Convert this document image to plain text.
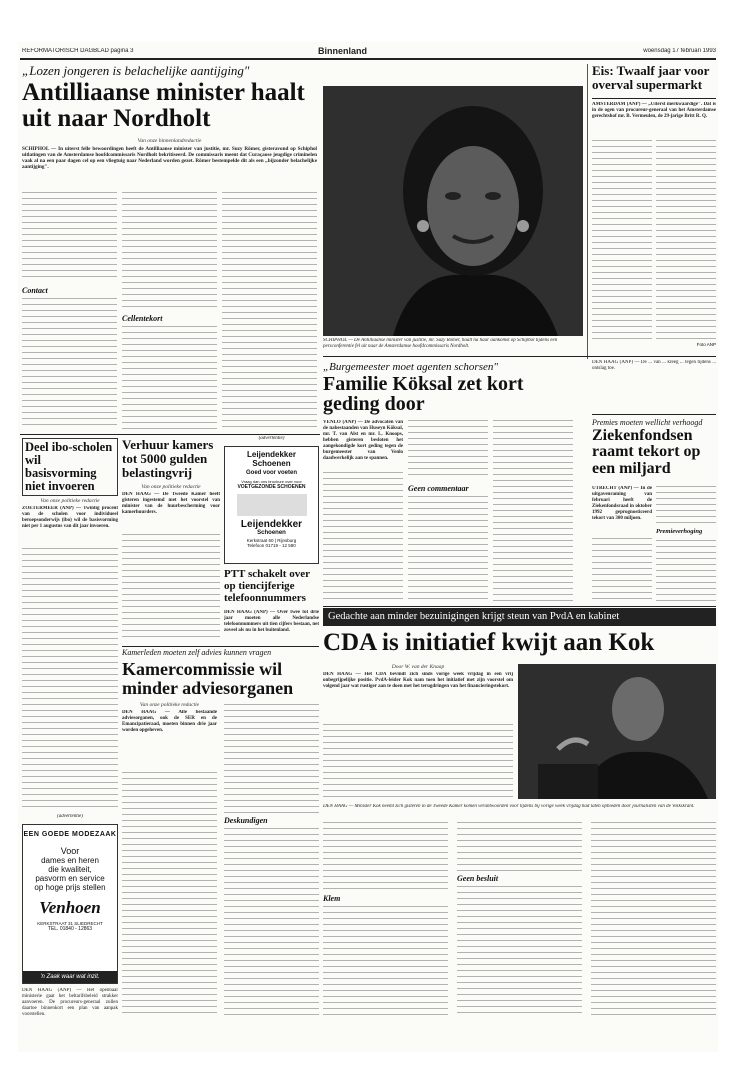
REFORMATORISCH DAGBLAD pagina 3	Binnenland	woensdag 17 februari 1993
„Lozen jongeren is belachelijke aantijging"
Antilliaanse minister haalt uit naar Nordholt
Van onze binnenlandredactie
SCHIPHOL — In uiterst felle bewoordingen heeft de Antilliaanse minister van justitie, mr. Suzy Römer, gisteravond op Schiphol uitlatingen van de Amsterdamse hoofdcommissaris Nordholt bekritiseerd. De commissaris meent dat Curaçaose jeugdige criminelen vaak al na een paar dagen cel op een vliegtuig naar Nederland worden gezet. Römer bestempelde dit als een „bijzonder belachelijke aantijging".
Contact
Cellentekort
SCHIPHOL — De Antilliaanse minister van justitie, mr. Suzy Römer, haalt na haar aankomst op Schiphol tijdens een persconferentie fel uit naar de Amsterdamse hoofdcommissaris Nordholt.
Eis: Twaalf jaar voor overval supermarkt
AMSTERDAM (ANP) — „Uiterst merkwaardige". Dat is in de ogen van procureur-generaal van het Amsterdamse gerechtshof mr. B. Vermeulen, de 29-jarige Britt R. Q.
Foto ANP
„Burgemeester moet agenten schorsen"
Familie Köksal zet kort geding door
VENLO (ANP) — De advocaten van de nabestaanden van Huseyn Köksal, mr. T. van Alst en mr. L. Knoops, hebben gisteren besloten het aangekondigde kort geding tegen de burgemeester van Venlo daadwerkelijk aan te spannen.
Geen commentaar
DEN HAAG (ANP) — De ... van ... kreeg ... tegen tijdens ... ontslag toe.
Premies moeten wellicht verhoogd
Ziekenfondsen raamt tekort op een miljard
UTRECHT (ANP) — In de uitgavenraming van februari heeft de Ziekenfondsraad in oktober 1992 geprognosticeerd tekort van 300 miljoen.
Premieverhoging
Deel ibo-scholen wil basisvorming niet invoeren
Van onze politieke redactie
ZOETERMEER (ANP) — Twintig procent van de scholen voor individueel beroepsonderwijs (ibo) wil de basisvorming niet per 1 augustus van dit jaar invoeren.
Verhuur kamers tot 5000 gulden belastingvrij
Van onze politieke redactie
DEN HAAG — De Tweede Kamer heeft gisteren ingestemd met het voorstel van minister van de huurbescherming voor kamerhuurders.
(advertentie)
Leijendekker
Schoenen
Goed voor voeten
Vraag dan ons brochure over voor
VOETGEZONDE SCHOENEN
Leijendekker
Schoenen
Kerkstraat 60 | Rijnsburg
Telefoon 01719 - 12 580
PTT schakelt over op tiencijferige telefoonnummers
DEN HAAG (ANP) — Over twee tot drie jaar moeten alle Nederlandse telefoonnummers uit tien cijfers bestaan, net zoveel als nu in het buitenland.
Gedachte aan minder bezuinigingen krijgt steun van PvdA en kabinet
CDA is initiatief kwijt aan Kok
Door W. van der Knaap
DEN HAAG — Het CDA bevindt zich sinds vorige week vrijdag in een vrij onbegrijpelijke positie. PvdA-leider Kok nam toen het initiatief met zijn voorstel om volgend jaar wat rustiger aan te doen met het terugdringen van het financieringstekort.
DEN HAAG — Minister Kok neemt zich gisteren in de Tweede Kamer komen verantwoorden voor tijdens bij vorige week vrijdag had laten opbieden door journalisten van de Volkskrant.
Klem
Geen besluit
Kamerleden moeten zelf advies kunnen vragen
Kamercommissie wil minder adviesorganen
Van onze politieke redactie
DEN HAAG — Alle bestaande adviesorganen, ook de SER en de Emancipatieraad, moeten binnen drie jaar worden opgeheven.
Deskundigen
(advertentie)
EEN GOEDE MODEZAAK
Voor
dames en heren
die kwaliteit,
pasvorm en service
op hoge prijs stellen
Venhoen
KERKSTRAAT 31 SLIEDRECHT
TEL. 01840 - 12863
'n Zaak waar wat inzit.
DEN HAAG (ANP) — Het openbaar ministerie gaat het beltarifsbeleid strakker aanvoeren. De procureurs-generaal zullen daartoe binnenkort een plan van aanpak voorstellen.
